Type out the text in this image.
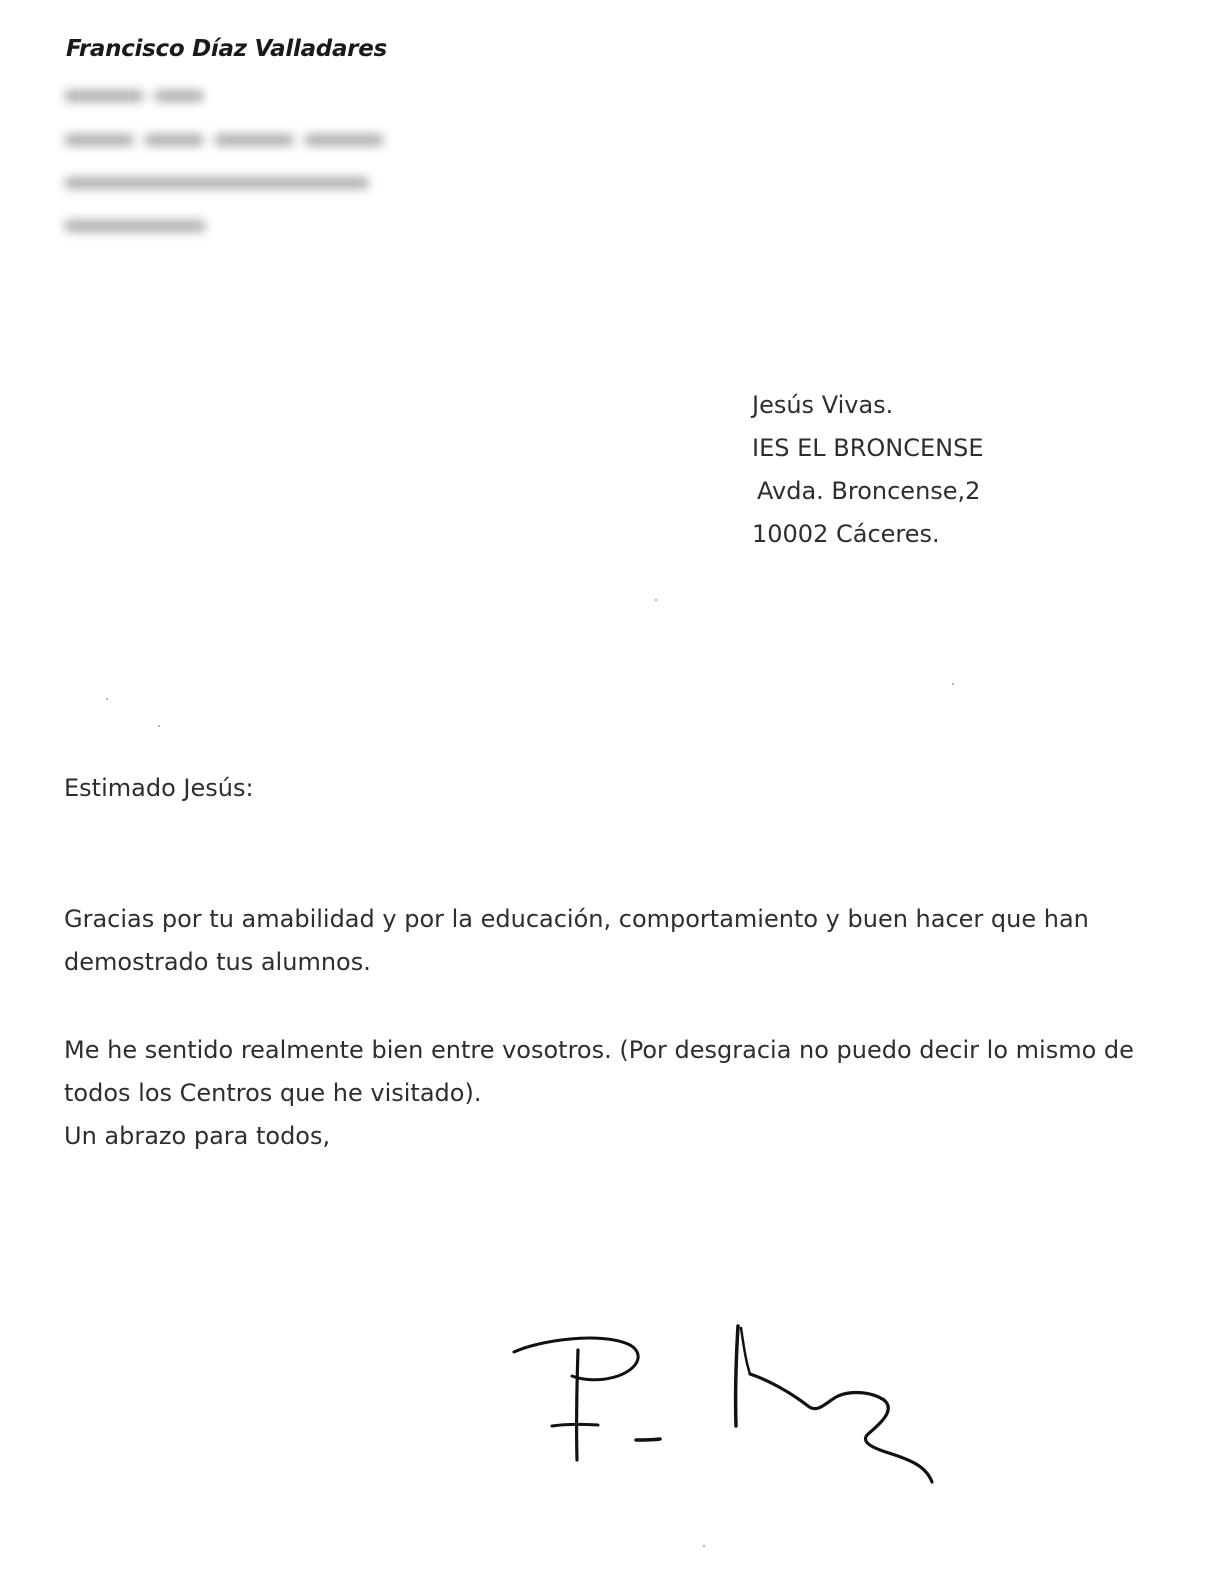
Francisco Díaz Valladares
Jesús Vivas.
IES EL BRONCENSE
Avda. Broncense,2
10002 Cáceres.
Estimado Jesús:
Gracias por tu amabilidad y por la educación, comportamiento y buen hacer que han
demostrado tus alumnos.
Me he sentido realmente bien entre vosotros. (Por desgracia no puedo decir lo mismo de
todos los Centros que he visitado).
Un abrazo para todos,
